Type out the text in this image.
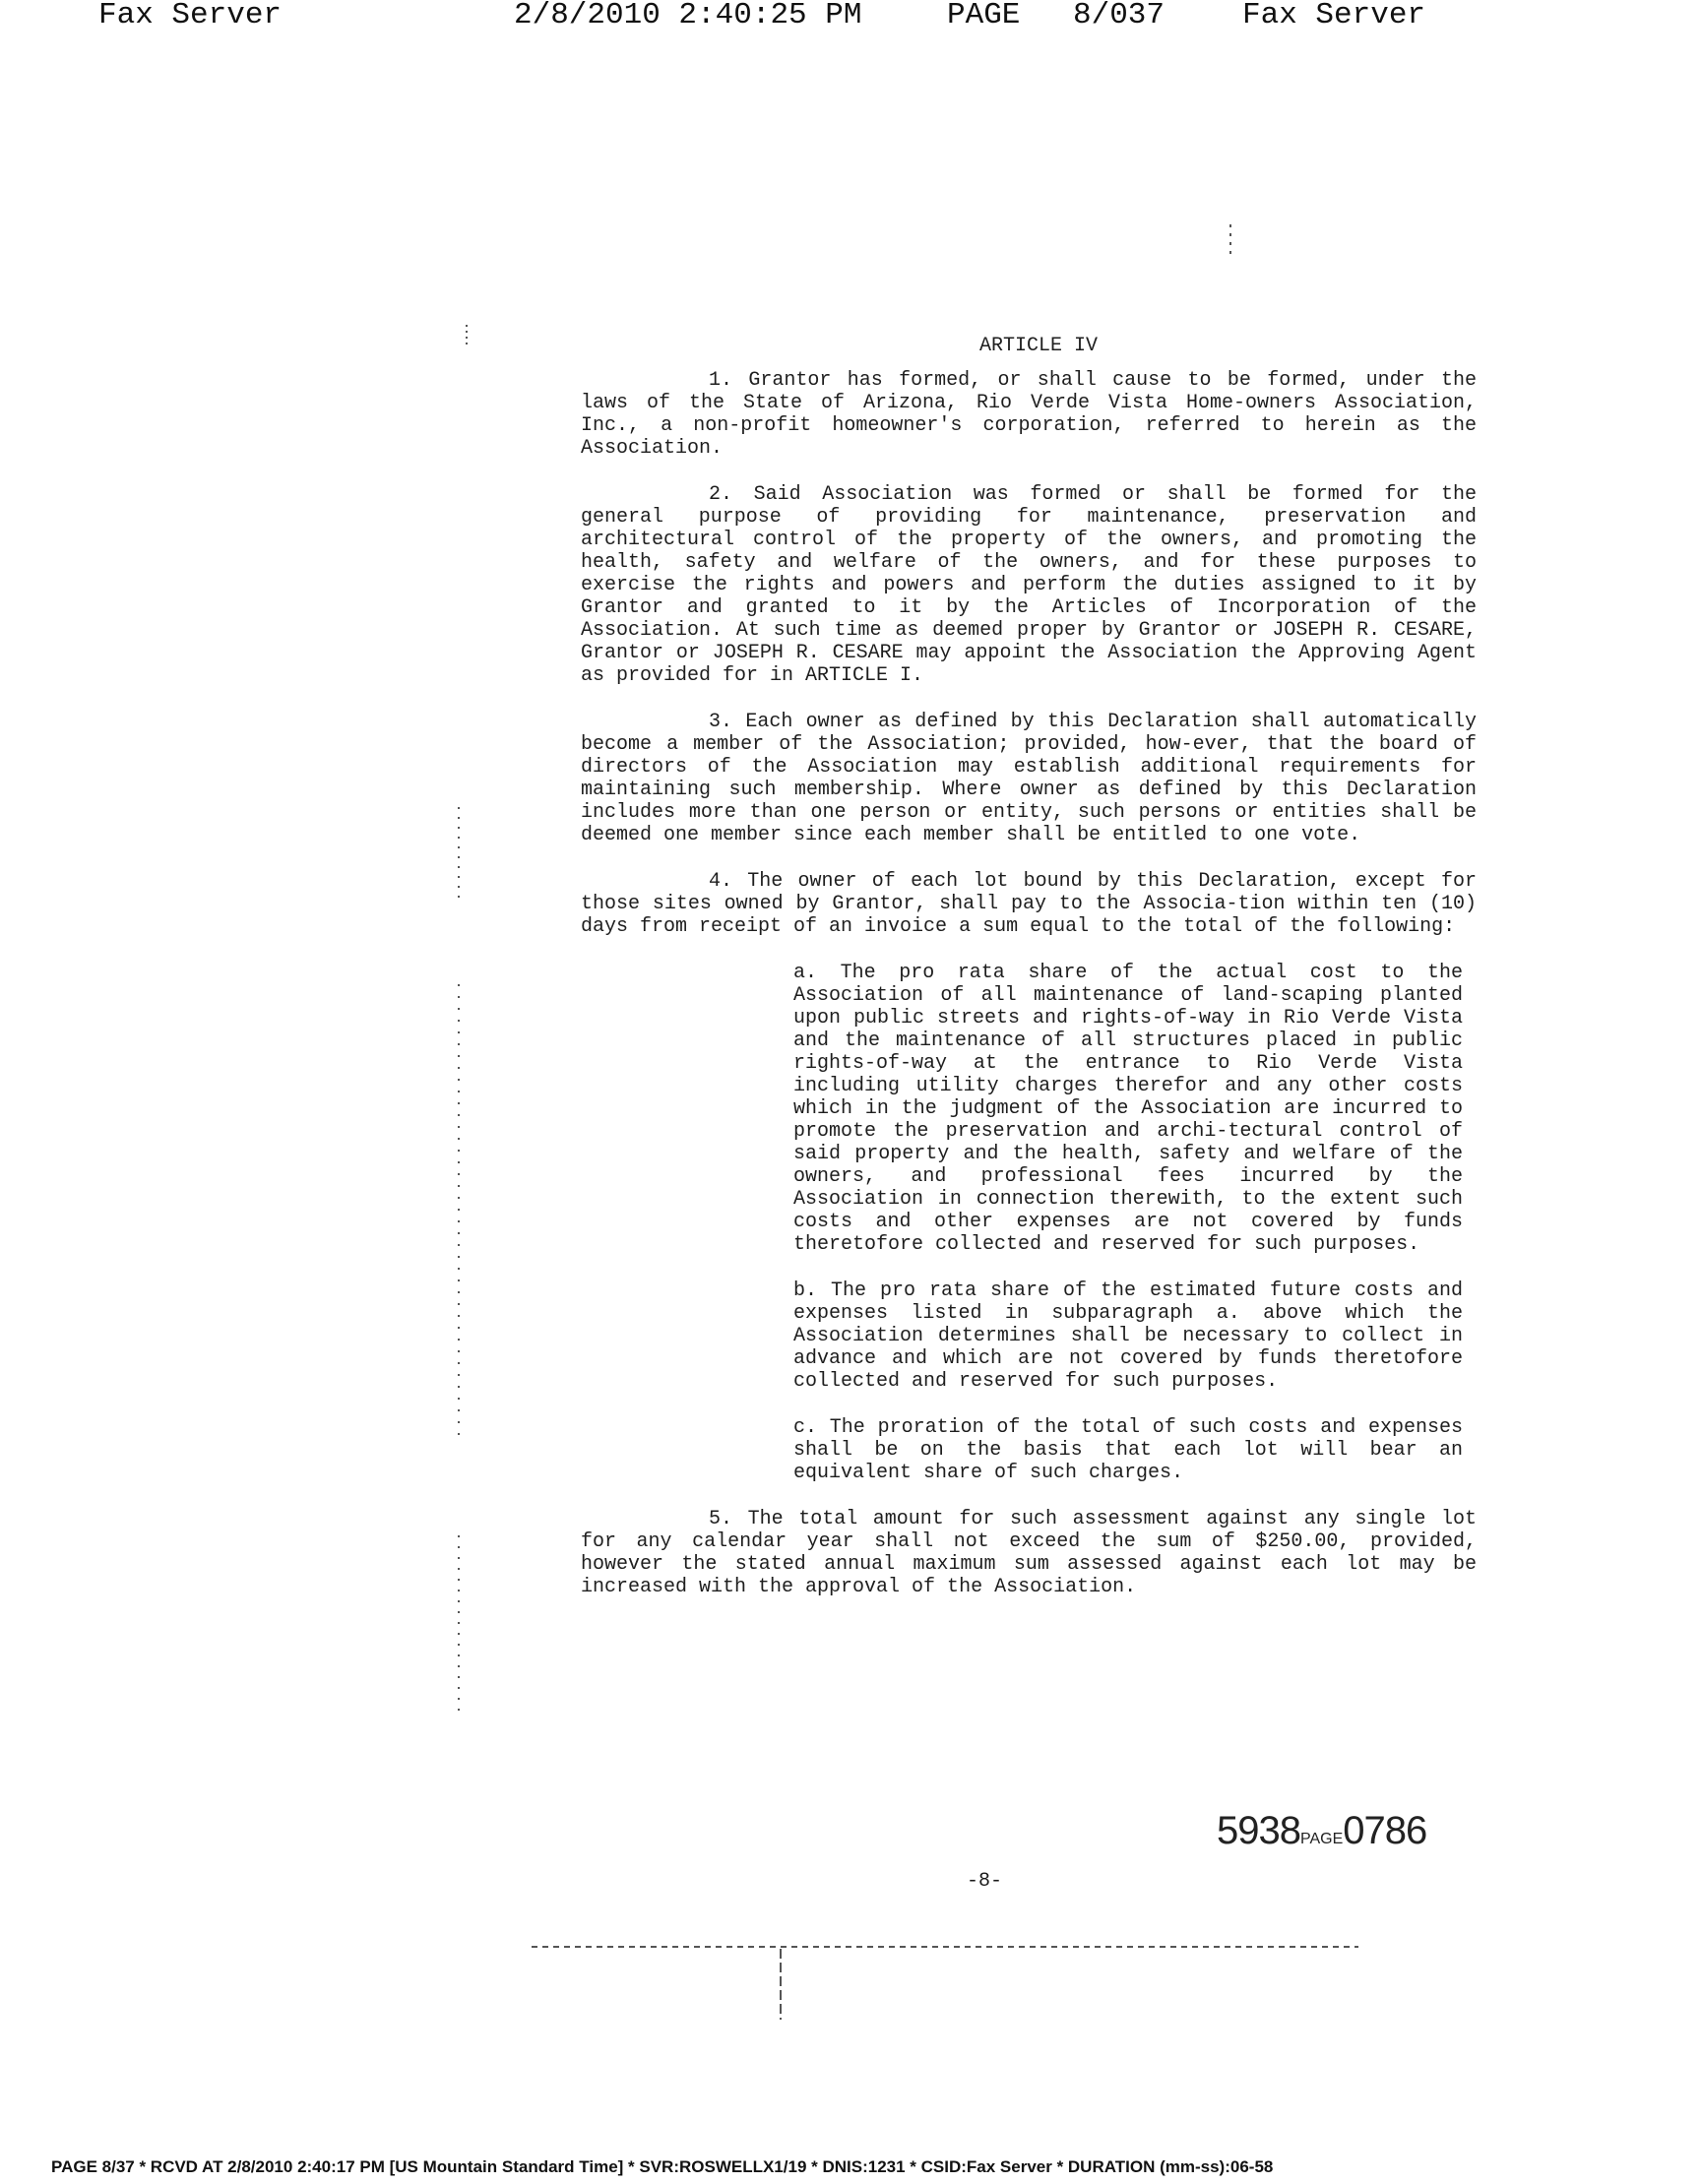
Fax Server	2/8/2010 2:40:25 PM	PAGE 8/037	Fax Server
ARTICLE IV

1. Grantor has formed, or shall cause to be formed, under the laws of the State of Arizona, Rio Verde Vista Home-owners Association, Inc., a non-profit homeowner's corporation, referred to herein as the Association.

2. Said Association was formed or shall be formed for the general purpose of providing for maintenance, preservation and architectural control of the property of the owners, and promoting the health, safety and welfare of the owners, and for these purposes to exercise the rights and powers and perform the duties assigned to it by Grantor and granted to it by the Articles of Incorporation of the Association. At such time as deemed proper by Grantor or JOSEPH R. CESARE, Grantor or JOSEPH R. CESARE may appoint the Association the Approving Agent as provided for in ARTICLE I.

3. Each owner as defined by this Declaration shall automatically become a member of the Association; provided, how-ever, that the board of directors of the Association may establish additional requirements for maintaining such membership. Where owner as defined by this Declaration includes more than one person or entity, such persons or entities shall be deemed one member since each member shall be entitled to one vote.

4. The owner of each lot bound by this Declaration, except for those sites owned by Grantor, shall pay to the Associa-tion within ten (10) days from receipt of an invoice a sum equal to the total of the following:

a. The pro rata share of the actual cost to the Association of all maintenance of land-scaping planted upon public streets and rights-of-way in Rio Verde Vista and the maintenance of all structures placed in public rights-of-way at the entrance to Rio Verde Vista including utility charges therefor and any other costs which in the judgment of the Association are incurred to promote the preservation and archi-tectural control of said property and the health, safety and welfare of the owners, and professional fees incurred by the Association in connection therewith, to the extent such costs and other expenses are not covered by funds theretofore collected and reserved for such purposes.

b. The pro rata share of the estimated future costs and expenses listed in subparagraph a. above which the Association determines shall be necessary to collect in advance and which are not covered by funds theretofore collected and reserved for such purposes.

c. The proration of the total of such costs and expenses shall be on the basis that each lot will bear an equivalent share of such charges.

5. The total amount for such assessment against any single lot for any calendar year shall not exceed the sum of $250.00, provided, however the stated annual maximum sum assessed against each lot may be increased with the approval of the Association.

5938PAGE0786
-8-
PAGE 8/37 * RCVD AT 2/8/2010 2:40:17 PM [US Mountain Standard Time] * SVR:ROSWELLX1/19 * DNIS:1231 * CSID:Fax Server * DURATION (mm-ss):06-58
